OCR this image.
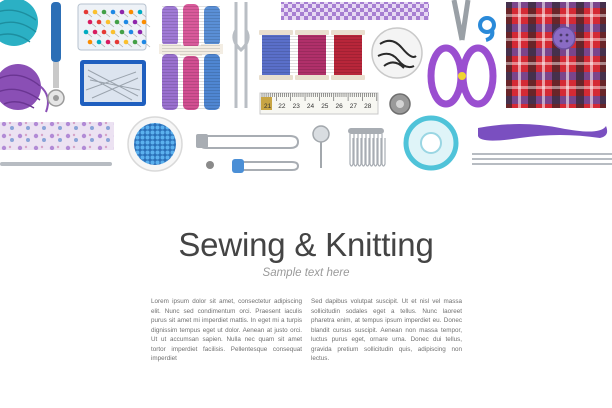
21 22 23 24 25 26 27 28
Sewing & Knitting
Sample text here
Lorem ipsum dolor sit amet, consectetur adipiscing elit. Nunc sed condimentum orci. Praesent iaculis purus sit amet mi imperdiet mattis. In eget mi a turpis dignissim tempus eget ut dolor. Aenean at justo orci. Ut ut accumsan sapien. Nulla nec quam sit amet tortor imperdiet facilisis. Pellentesque consequat imperdiet
Sed dapibus volutpat suscipit. Ut et nisl vel massa sollicitudin sodales eget a tellus. Nunc laoreet pharetra enim, at tempus ipsum imperdiet eu. Donec blandit cursus suscipit. Aenean non massa tempor, luctus purus eget, ornare urna. Donec dui tellus, gravida pretium sollicitudin quis, adipiscing non lectus.
